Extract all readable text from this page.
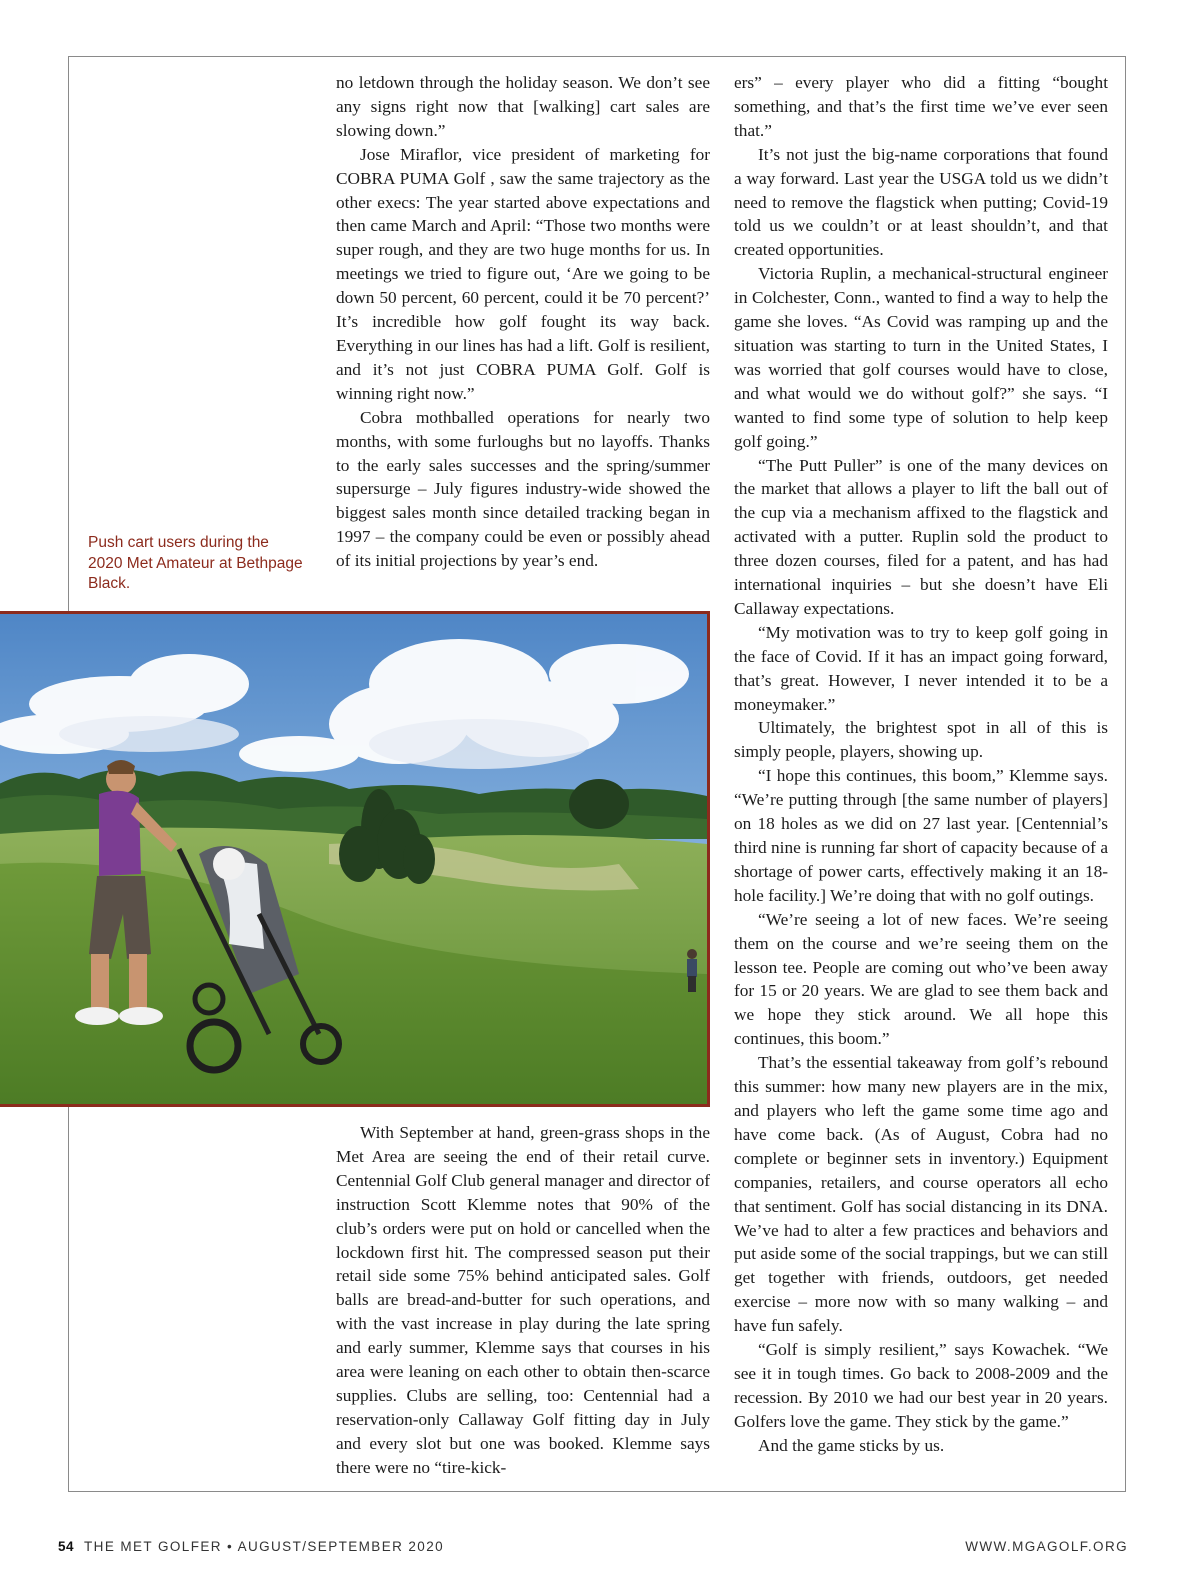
Push cart users during the 2020 Met Amateur at Bethpage Black.

no letdown through the holiday season. We don’t see any signs right now that [walking] cart sales are slowing down.”

Jose Miraflor, vice president of marketing for COBRA PUMA Golf , saw the same trajectory as the other execs: The year started above expectations and then came March and April: “Those two months were super rough, and they are two huge months for us. In meetings we tried to figure out, ‘Are we going to be down 50 percent, 60 percent, could it be 70 percent?’ It’s incredible how golf fought its way back. Everything in our lines has had a lift. Golf is resilient, and it’s not just COBRA PUMA Golf. Golf is winning right now.”

Cobra mothballed operations for nearly two months, with some furloughs but no layoffs. Thanks to the early sales successes and the spring/summer supersurge – July figures industry-wide showed the biggest sales month since detailed tracking began in 1997 – the company could be even or possibly ahead of its initial projections by year’s end.

With September at hand, green-grass shops in the Met Area are seeing the end of their retail curve. Centennial Golf Club general manager and director of instruction Scott Klemme notes that 90% of the club’s orders were put on hold or cancelled when the lockdown first hit. The compressed season put their retail side some 75% behind anticipated sales. Golf balls are bread-and-butter for such operations, and with the vast increase in play during the late spring and early summer, Klemme says that courses in his area were leaning on each other to obtain then-scarce supplies. Clubs are selling, too: Centennial had a reservation-only Callaway Golf fitting day in July and every slot but one was booked. Klemme says there were no “tire-kick-

ers” – every player who did a fitting “bought something, and that’s the first time we’ve ever seen that.”

It’s not just the big-name corporations that found a way forward. Last year the USGA told us we didn’t need to remove the flagstick when putting; Covid-19 told us we couldn’t or at least shouldn’t, and that created opportunities.

Victoria Ruplin, a mechanical-structural engineer in Colchester, Conn., wanted to find a way to help the game she loves. “As Covid was ramping up and the situation was starting to turn in the United States, I was worried that golf courses would have to close, and what would we do without golf?” she says. “I wanted to find some type of solution to help keep golf going.”

“The Putt Puller” is one of the many devices on the market that allows a player to lift the ball out of the cup via a mechanism affixed to the flagstick and activated with a putter. Ruplin sold the product to three dozen courses, filed for a patent, and has had international inquiries – but she doesn’t have Eli Callaway expectations.

“My motivation was to try to keep golf going in the face of Covid. If it has an impact going forward, that’s great. However, I never intended it to be a moneymaker.”

Ultimately, the brightest spot in all of this is simply people, players, showing up.

“I hope this continues, this boom,” Klemme says. “We’re putting through [the same number of players] on 18 holes as we did on 27 last year. [Centennial’s third nine is running far short of capacity because of a shortage of power carts, effectively making it an 18-hole facility.] We’re doing that with no golf outings.

“We’re seeing a lot of new faces. We’re seeing them on the course and we’re seeing them on the lesson tee. People are coming out who’ve been away for 15 or 20 years. We are glad to see them back and we hope they stick around. We all hope this continues, this boom.”

That’s the essential takeaway from golf’s rebound this summer: how many new players are in the mix, and players who left the game some time ago and have come back. (As of August, Cobra had no complete or beginner sets in inventory.) Equipment companies, retailers, and course operators all echo that sentiment. Golf has social distancing in its DNA. We’ve had to alter a few practices and behaviors and put aside some of the social trappings, but we can still get together with friends, outdoors, get needed exercise – more now with so many walking – and have fun safely.

“Golf is simply resilient,” says Kowachek. “We see it in tough times. Go back to 2008-2009 and the recession. By 2010 we had our best year in 20 years. Golfers love the game. They stick by the game.”

And the game sticks by us.

54 THE MET GOLFER • AUGUST/SEPTEMBER 2020	WWW.MGAGOLF.ORG
